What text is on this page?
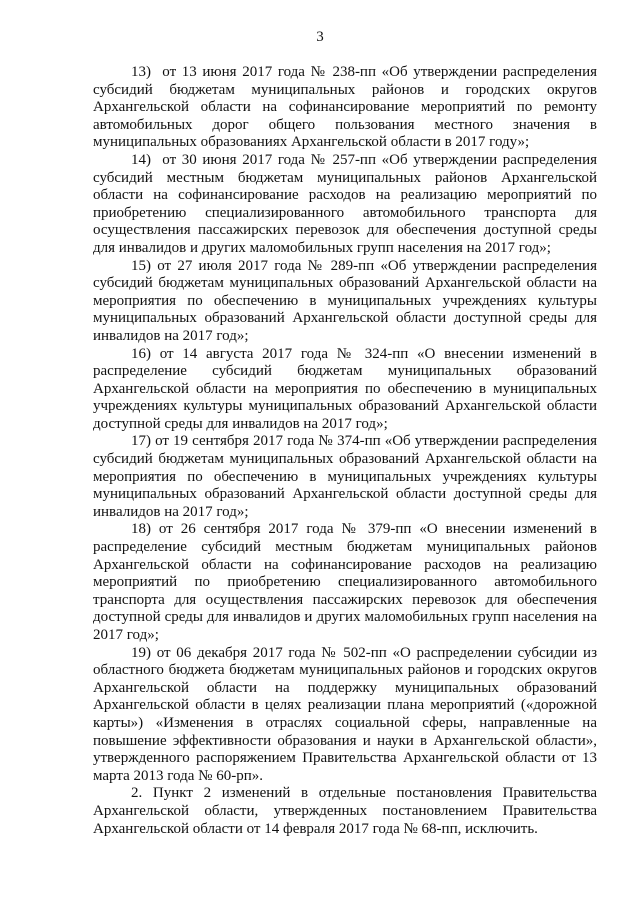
3

13)  от 13 июня 2017 года № 238-пп «Об утверждении распределения субсидий бюджетам муниципальных районов и городских округов Архангельской области на софинансирование мероприятий по ремонту автомобильных дорог общего пользования местного значения в муниципальных образованиях Архангельской области в 2017 году»;

14)  от 30 июня 2017 года № 257-пп «Об утверждении распределения субсидий местным бюджетам муниципальных районов Архангельской области на софинансирование расходов на реализацию мероприятий по приобретению специализированного автомобильного транспорта для осуществления пассажирских перевозок для обеспечения доступной среды для инвалидов и других маломобильных групп населения на 2017 год»;

15) от 27 июля 2017 года № 289-пп «Об утверждении распределения субсидий бюджетам муниципальных образований Архангельской области на мероприятия по обеспечению в муниципальных учреждениях культуры муниципальных образований Архангельской области доступной среды для инвалидов на 2017 год»;

16) от 14 августа 2017 года № 324-пп «О внесении изменений в распределение субсидий бюджетам муниципальных образований Архангельской области на мероприятия по обеспечению в муниципальных учреждениях культуры муниципальных образований Архангельской области доступной среды для инвалидов на 2017 год»;

17) от 19 сентября 2017 года № 374-пп «Об утверждении распределения субсидий бюджетам муниципальных образований Архангельской области на мероприятия по обеспечению в муниципальных учреждениях культуры муниципальных образований Архангельской области доступной среды для инвалидов на 2017 год»;

18) от 26 сентября 2017 года № 379-пп «О внесении изменений в распределение субсидий местным бюджетам муниципальных районов Архангельской области на софинансирование расходов на реализацию мероприятий по приобретению специализированного автомобильного транспорта для осуществления пассажирских перевозок для обеспечения доступной среды для инвалидов и других маломобильных групп населения на 2017 год»;

19) от 06 декабря 2017 года № 502-пп «О распределении субсидии из областного бюджета бюджетам муниципальных районов и городских округов Архангельской области на поддержку муниципальных образований Архангельской области в целях реализации плана мероприятий («дорожной карты») «Изменения в отраслях социальной сферы, направленные на повышение эффективности образования и науки в Архангельской области», утвержденного распоряжением Правительства Архангельской области от 13 марта 2013 года № 60-рп».

2. Пункт 2 изменений в отдельные постановления Правительства Архангельской области, утвержденных постановлением Правительства Архангельской области от 14 февраля 2017 года № 68-пп, исключить.
